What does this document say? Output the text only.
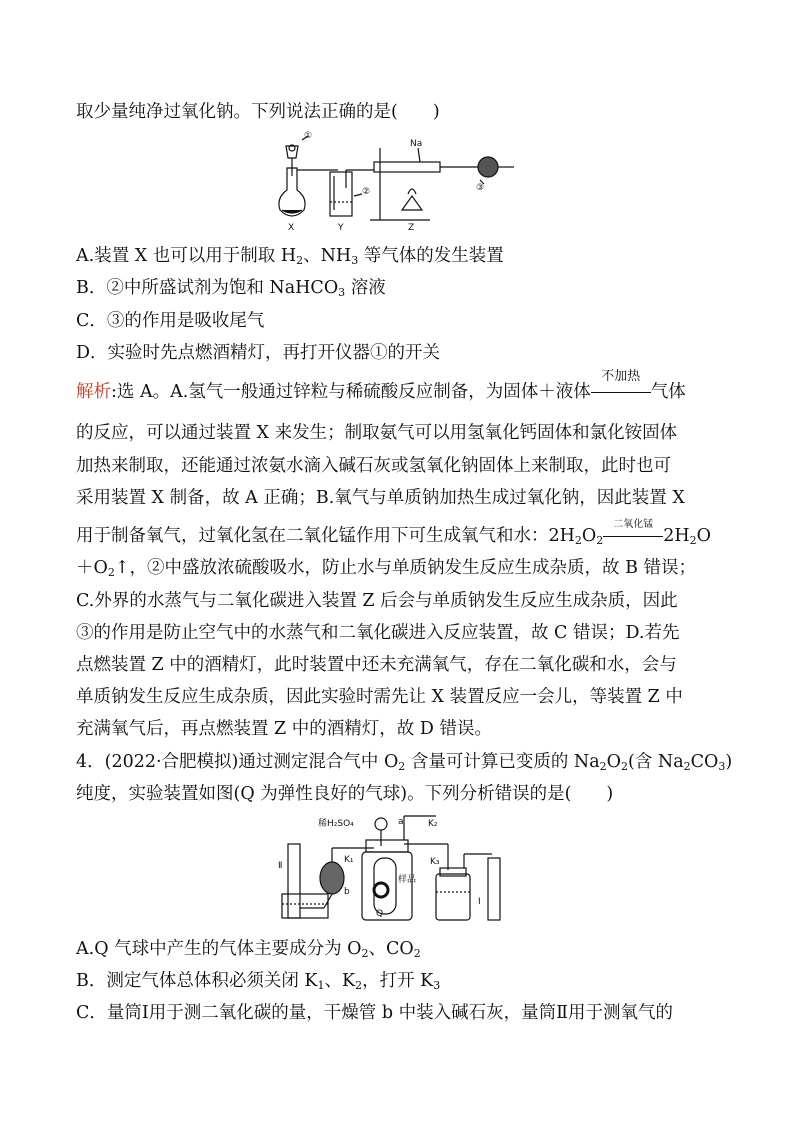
取少量纯净过氧化钠。下列说法正确的是(　　)
①
Na
②	③
X	Y	Z
A.装置 X 也可以用于制取 $H_2$、$NH_3$ 等气体的发生装置
B．②中所盛试剂为饱和 NaHCO$_3$ 溶液
C．③的作用是吸收尾气
D．实验时先点燃酒精灯，再打开仪器①的开关
解析:选 A。A.氢气一般通过锌粒与稀硫酸反应制备，为固体＋液体
不加热
气体
的反应，可以通过装置 X 来发生；制取氨气可以用氢氧化钙固体和氯化铵固体
加热来制取，还能通过浓氨水滴入碱石灰或氢氧化钠固体上来制取，此时也可
采用装置 X 制备，故 A 正确；B.氧气与单质钠加热生成过氧化钠，因此装置 X
用于制备氧气，过氧化氢在二氧化锰作用下可生成氧气和水：$2H_2O_2$
二氧化锰
$2H_2O$
$+O_2↑$，②中盛放浓硫酸吸水，防止水与单质钠发生反应生成杂质，故 B 错误；
C.外界的水蒸气与二氧化碳进入装置 Z 后会与单质钠发生反应生成杂质，因此
③的作用是防止空气中的水蒸气和二氧化碳进入反应装置，故 C 错误；D.若先
点燃装置 Z 中的酒精灯，此时装置中还未充满氧气，存在二氧化碳和水，会与
单质钠发生反应生成杂质，因此实验时需先让 X 装置反应一会儿，等装置 Z 中
充满氧气后，再点燃装置 Z 中的酒精灯，故 D 错误。
4．(2022·合肥模拟)通过测定混合气中 $O_2$ 含量可计算已变质的 $Na_2O_2$(含 $Na_2CO_3$)
纯度，实验装置如图(Q 为弹性良好的气球)。下列分析错误的是(　　)
稀H₂SO₄	a	K₂
K₁	K₃
样品
b
Q
Ⅱ
Ⅰ
A.Q 气球中产生的气体主要成分为 $O_2$、$CO_2$
B．测定气体总体积必须关闭 $K_1$、$K_2$，打开 $K_3$
C．量筒Ⅰ用于测二氧化碳的量，干燥管 b 中装入碱石灰，量筒Ⅱ用于测氧气的
